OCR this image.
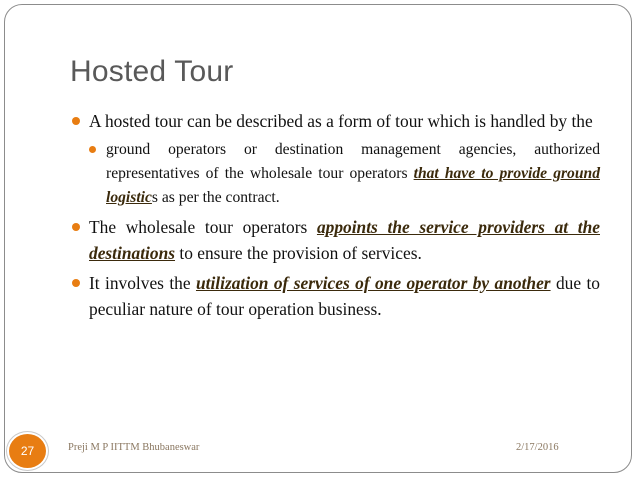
Hosted Tour
A hosted tour can be described as a form of tour which is handled by the
ground operators or destination management agencies, authorized representatives of the wholesale tour operators that have to provide ground logistics as per the contract.
The wholesale tour operators appoints the service providers at the destinations to ensure the provision of services.
It involves the utilization of services of one operator by another due to peculiar nature of tour operation business.
27	Preji M P IITTM Bhubaneswar	2/17/2016
